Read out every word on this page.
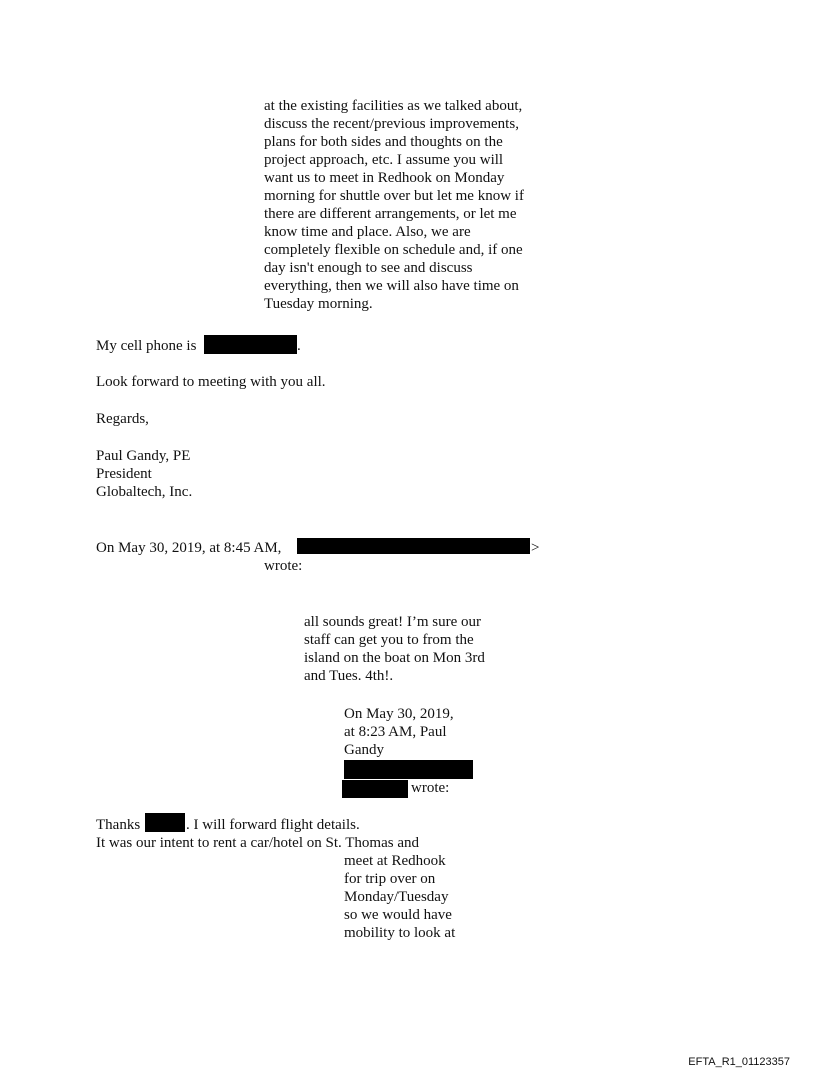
at the existing facilities as we talked about,
discuss the recent/previous improvements,
plans for both sides and thoughts on the
project approach, etc. I assume you will
want us to meet in Redhook on Monday
morning for shuttle over but let me know if
there are different arrangements, or let me
know time and place. Also, we are
completely flexible on schedule and, if one
day isn't enough to see and discuss
everything, then we will also have time on
Tuesday morning.
My cell phone is	.
Look forward to meeting with you all.
Regards,
Paul Gandy, PE
President
Globaltech, Inc.
On May 30, 2019, at 8:45 AM,	>
wrote:
all sounds great! I’m sure our
staff can get you to from the
island on the boat on Mon 3rd
and Tues. 4th!.
On May 30, 2019,
at 8:23 AM, Paul
Gandy
wrote:
Thanks	. I will forward flight details.
It was our intent to rent a car/hotel on St. Thomas and
meet at Redhook
for trip over on
Monday/Tuesday
so we would have
mobility to look at
EFTA_R1_01123357
